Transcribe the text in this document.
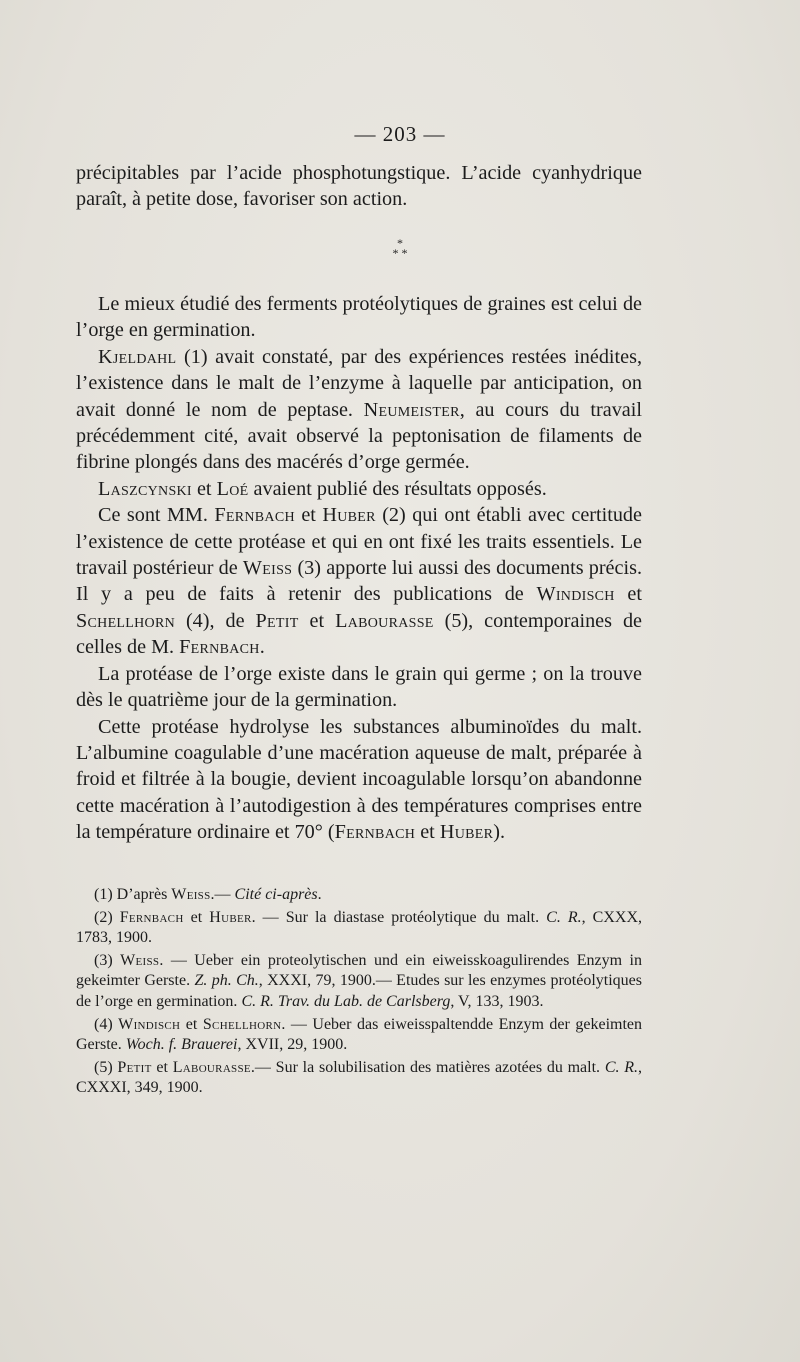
— 203 —

précipitables par l’acide phosphotungstique. L’acide cyanhydrique paraît, à petite dose, favoriser son action.

*
* *

Le mieux étudié des ferments protéolytiques de graines est celui de l’orge en germination.

Kjeldahl (1) avait constaté, par des expériences restées inédites, l’existence dans le malt de l’enzyme à laquelle par anticipation, on avait donné le nom de peptase. Neumeister, au cours du travail précédemment cité, avait observé la peptonisation de filaments de fibrine plongés dans des macérés d’orge germée.

Laszcynski et Loé avaient publié des résultats opposés.

Ce sont MM. Fernbach et Huber (2) qui ont établi avec certitude l’existence de cette protéase et qui en ont fixé les traits essentiels. Le travail postérieur de Weiss (3) apporte lui aussi des documents précis. Il y a peu de faits à retenir des publications de Windisch et Schellhorn (4), de Petit et Labourasse (5), contemporaines de celles de M. Fernbach.

La protéase de l’orge existe dans le grain qui germe ; on la trouve dès le quatrième jour de la germination.

Cette protéase hydrolyse les substances albuminoïdes du malt. L’albumine coagulable d’une macération aqueuse de malt, préparée à froid et filtrée à la bougie, devient incoagulable lorsqu’on abandonne cette macération à l’autodigestion à des températures comprises entre la température ordinaire et 70° (Fernbach et Huber).

(1) D’après Weiss.— Cité ci-après.

(2) Fernbach et Huber. — Sur la diastase protéolytique du malt. C. R., CXXX, 1783, 1900.

(3) Weiss. — Ueber ein proteolytischen und ein eiweisskoagulirendes Enzym in gekeimter Gerste. Z. ph. Ch., XXXI, 79, 1900.— Etudes sur les enzymes protéolytiques de l’orge en germination. C. R. Trav. du Lab. de Carlsberg, V, 133, 1903.

(4) Windisch et Schellhorn. — Ueber das eiweisspaltendde Enzym der gekeimten Gerste. Woch. f. Brauerei, XVII, 29, 1900.

(5) Petit et Labourasse.— Sur la solubilisation des matières azotées du malt. C. R., CXXXI, 349, 1900.
